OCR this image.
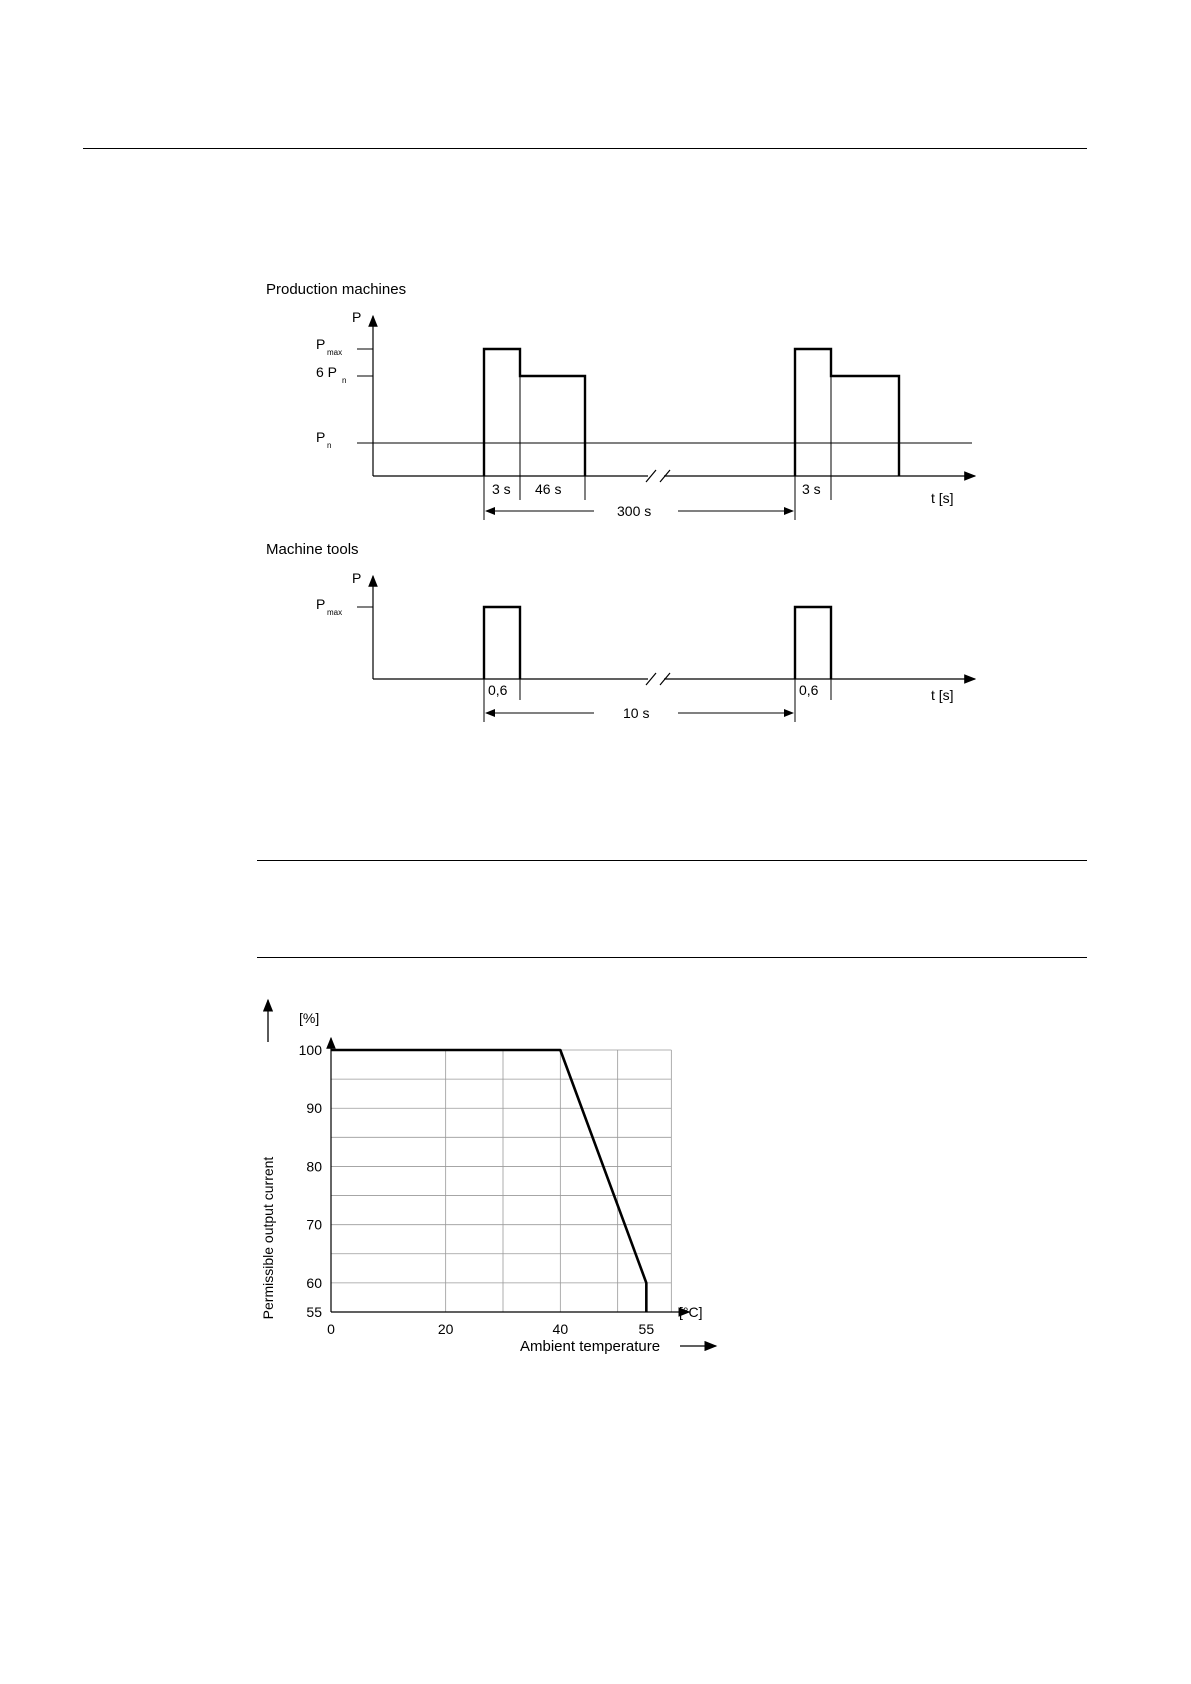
Production machines
P
t [s]
P
max
6 P
n
P
n
3 s 46 s	3 s
300 s
Machine tools
P
t [s]
P
max
0,6	0,6
10 s
55
60
70
80
90
100
0	20	40	55
Permissible output current
[%]
Ambient temperature
[°C]
